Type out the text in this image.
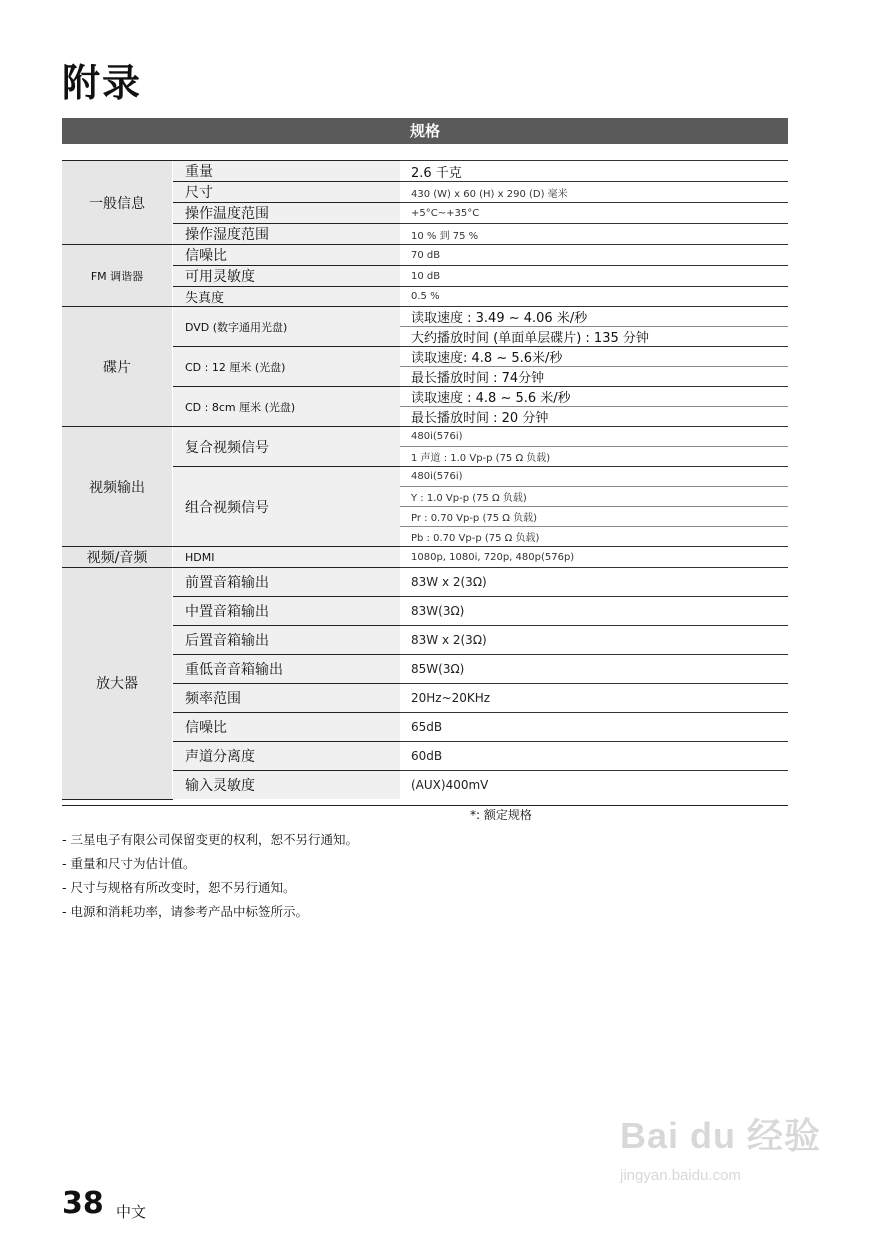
附录
规格
一般信息	重量	2.6 千克
	尺寸	430 (W) x 60 (H) x 290 (D) 毫米
	操作温度范围	+5°C~+35°C
	操作湿度范围	10 % 到 75 %
FM 调谐器	信噪比	70 dB
	可用灵敏度	10 dB
	失真度	0.5 %
碟片	DVD (数字通用光盘)	读取速度 : 3.49 ~ 4.06 米/秒
		大约播放时间 (单面单层碟片) : 135 分钟
	CD : 12 厘米 (光盘)	读取速度: 4.8 ~ 5.6米/秒
		最长播放时间 : 74分钟
	CD : 8cm 厘米 (光盘)	读取速度 : 4.8 ~ 5.6 米/秒
		最长播放时间 : 20 分钟
视频输出	复合视频信号	480i(576i)
		1 声道 : 1.0 Vp-p (75 Ω 负载)
	组合视频信号	480i(576i)
		Y : 1.0 Vp-p (75 Ω 负载)
		Pr : 0.70 Vp-p (75 Ω 负载)
		Pb : 0.70 Vp-p (75 Ω 负载)
视频/音频	HDMI	1080p, 1080i, 720p, 480p(576p)
放大器	前置音箱输出	83W x 2(3Ω)
	中置音箱输出	83W(3Ω)
	后置音箱输出	83W x 2(3Ω)
	重低音音箱输出	85W(3Ω)
	频率范围	20Hz~20KHz
	信噪比	65dB
	声道分离度	60dB
	输入灵敏度	(AUX)400mV
*: 额定规格
- 三星电子有限公司保留变更的权利，恕不另行通知。
- 重量和尺寸为估计值。
- 尺寸与规格有所改变时，恕不另行通知。
- 电源和消耗功率，请参考产品中标签所示。
38 中文
Bai du 经验
jingyan.baidu.com
